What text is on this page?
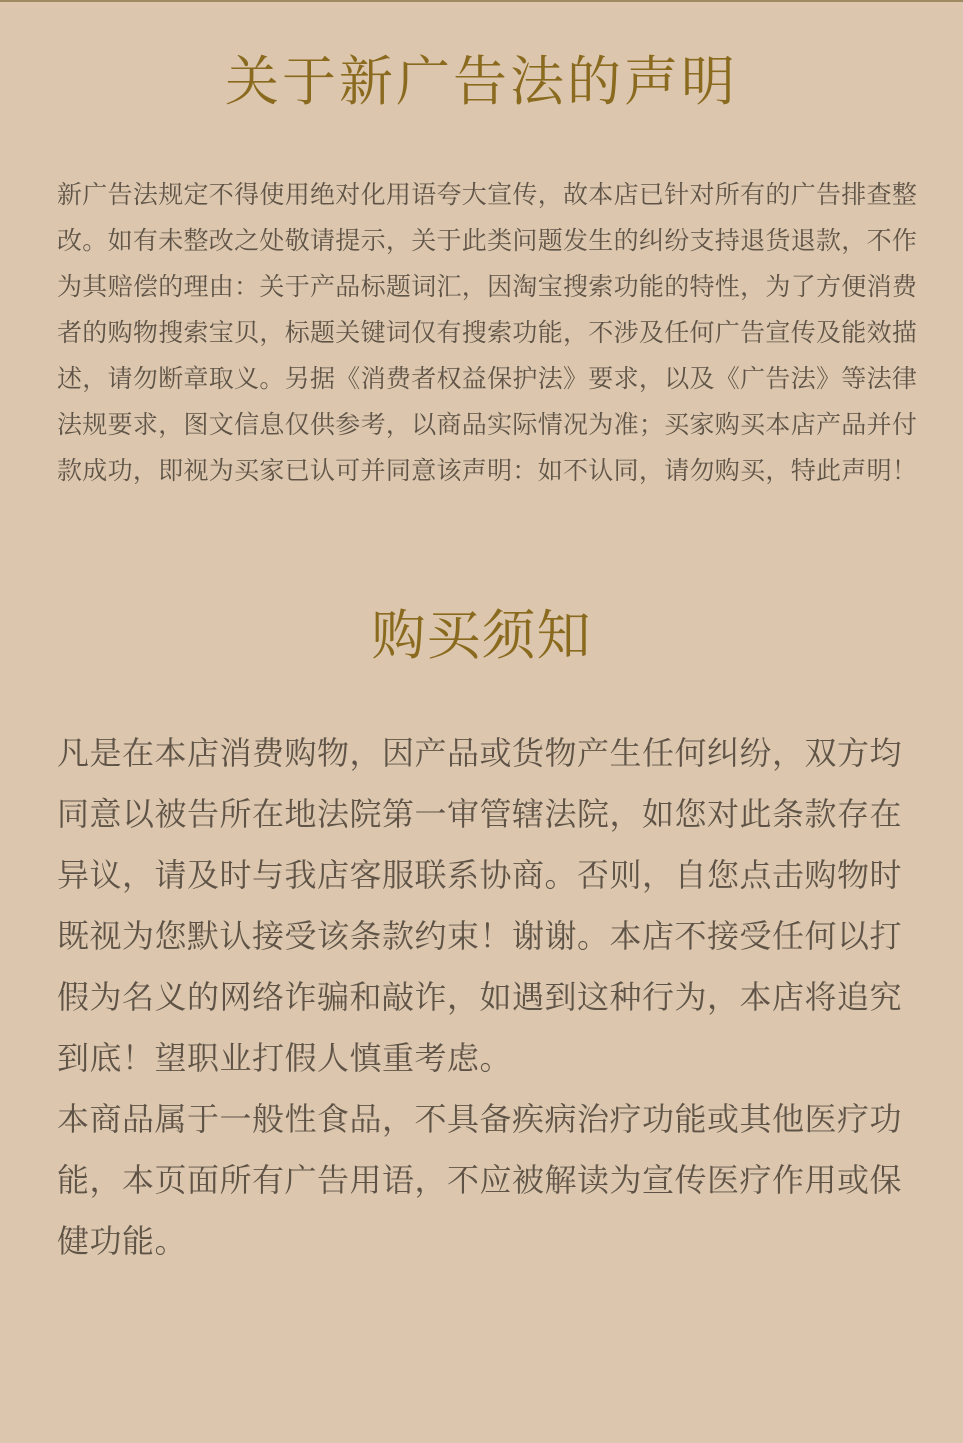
关于新广告法的声明

新广告法规定不得使用绝对化用语夸大宣传，故本店已针对所有的广告排查整改。如有未整改之处敬请提示，关于此类问题发生的纠纷支持退货退款，不作为其赔偿的理由：关于产品标题词汇，因淘宝搜索功能的特性，为了方便消费者的购物搜索宝贝，标题关键词仅有搜索功能，不涉及任何广告宣传及能效描述，请勿断章取义。另据《消费者权益保护法》要求，以及《广告法》等法律法规要求，图文信息仅供参考，以商品实际情况为准；买家购买本店产品并付款成功，即视为买家已认可并同意该声明：如不认同，请勿购买，特此声明！

购买须知

凡是在本店消费购物，因产品或货物产生任何纠纷，双方均同意以被告所在地法院第一审管辖法院，如您对此条款存在异议，请及时与我店客服联系协商。否则，自您点击购物时既视为您默认接受该条款约束！谢谢。本店不接受任何以打假为名义的网络诈骗和敲诈，如遇到这种行为，本店将追究到底！望职业打假人慎重考虑。

本商品属于一般性食品，不具备疾病治疗功能或其他医疗功能，本页面所有广告用语，不应被解读为宣传医疗作用或保健功能。
